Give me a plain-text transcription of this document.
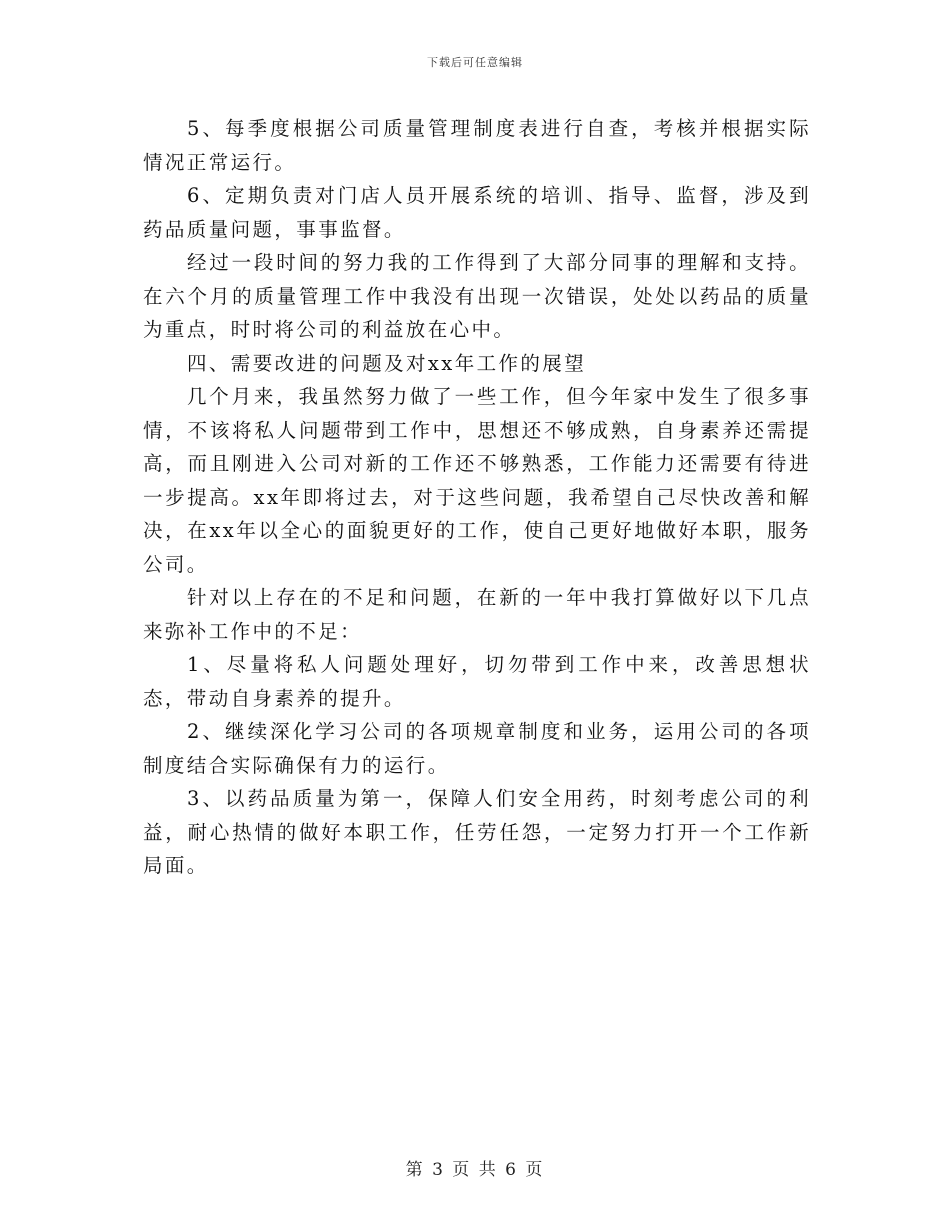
下载后可任意编辑

5、每季度根据公司质量管理制度表进行自查，考核并根据实际情况正常运行。

6、定期负责对门店人员开展系统的培训、指导、监督，涉及到药品质量问题，事事监督。

经过一段时间的努力我的工作得到了大部分同事的理解和支持。在六个月的质量管理工作中我没有出现一次错误，处处以药品的质量为重点，时时将公司的利益放在心中。

四、需要改进的问题及对xx年工作的展望

几个月来，我虽然努力做了一些工作，但今年家中发生了很多事情，不该将私人问题带到工作中，思想还不够成熟，自身素养还需提高，而且刚进入公司对新的工作还不够熟悉，工作能力还需要有待进一步提高。xx年即将过去，对于这些问题，我希望自己尽快改善和解决，在xx年以全心的面貌更好的工作，使自己更好地做好本职，服务公司。

针对以上存在的不足和问题，在新的一年中我打算做好以下几点来弥补工作中的不足：

1、尽量将私人问题处理好，切勿带到工作中来，改善思想状态，带动自身素养的提升。

2、继续深化学习公司的各项规章制度和业务，运用公司的各项制度结合实际确保有力的运行。

3、以药品质量为第一，保障人们安全用药，时刻考虑公司的利益，耐心热情的做好本职工作，任劳任怨，一定努力打开一个工作新局面。

第 3 页 共 6 页
